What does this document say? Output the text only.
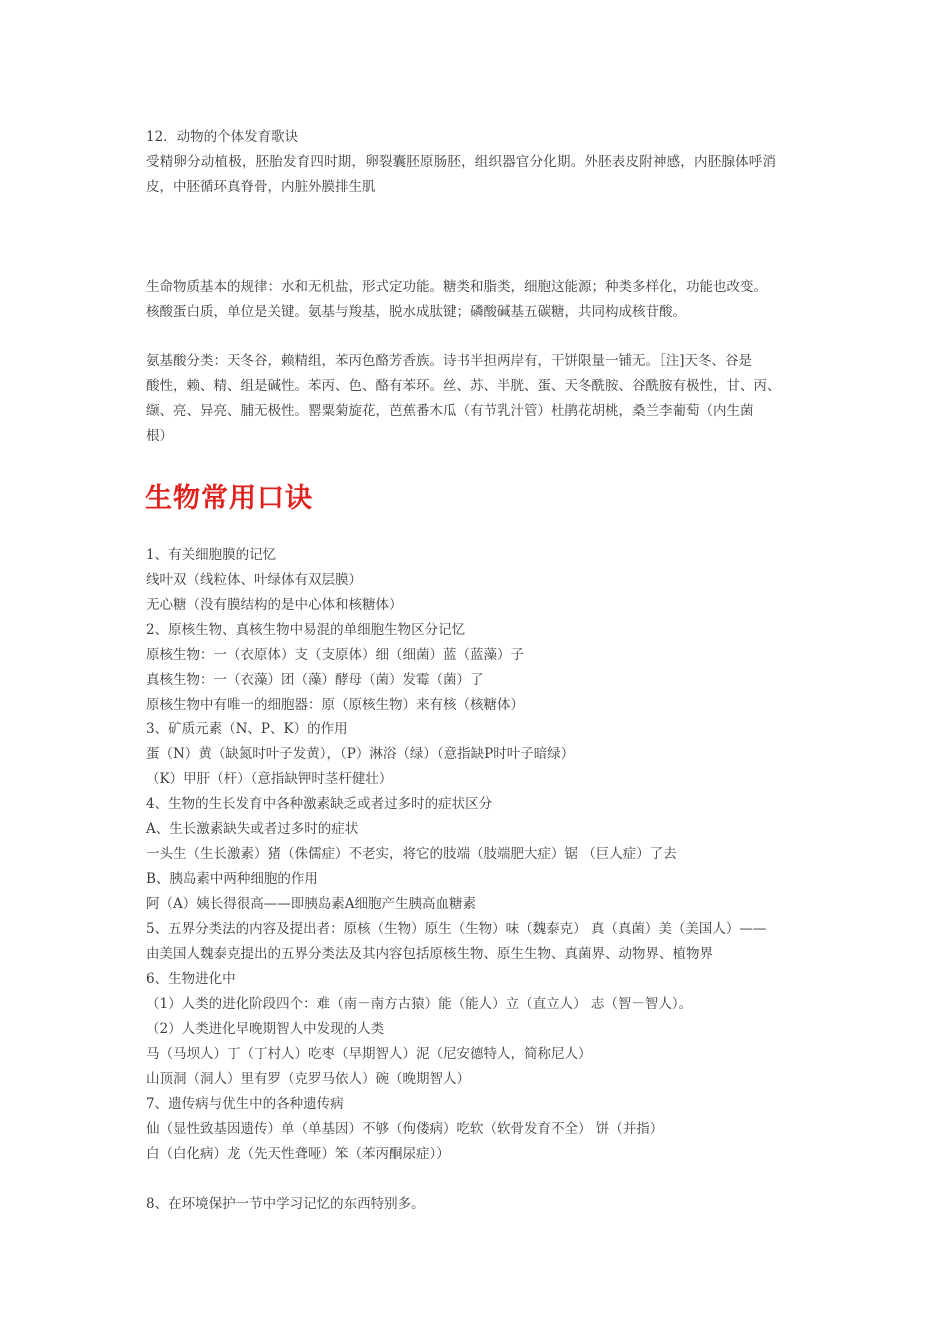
12．动物的个体发育歌诀
受精卵分动植极，胚胎发育四时期，卵裂囊胚原肠胚，组织器官分化期。外胚表皮附神感，内胚腺体呼消
皮，中胚循环真脊骨，内脏外膜排生肌
生命物质基本的规律：水和无机盐，形式定功能。糖类和脂类，细胞这能源；种类多样化，功能也改变。
核酸蛋白质，单位是关键。氨基与羧基，脱水成肽键；磷酸碱基五碳糖，共同构成核苷酸。
氨基酸分类：天冬谷，赖精组，苯丙色酪芳香族。诗书半担两岸有，干饼限量一铺无。［注]天冬、谷是
酸性，赖、精、组是碱性。苯丙、色、酪有苯环。丝、苏、半胱、蛋、天冬酰胺、谷酰胺有极性，甘、丙、
缬、亮、异亮、脯无极性。罂粟菊旋花，芭蕉番木瓜（有节乳汁管）杜鹃花胡桃，桑兰李葡萄（内生菌
根）
生物常用口诀
1、有关细胞膜的记忆
线叶双（线粒体、叶绿体有双层膜）
无心糖（没有膜结构的是中心体和核糖体）
2、原核生物、真核生物中易混的单细胞生物区分记忆
原核生物：一（衣原体）支（支原体）细（细菌）蓝（蓝藻）子
真核生物：一（衣藻）团（藻）酵母（菌）发霉（菌）了
原核生物中有唯一的细胞器：原（原核生物）来有核（核糖体）
3、矿质元素（N、P、K）的作用
蛋（N）黄（缺氮时叶子发黄），（P）淋浴（绿）（意指缺P时叶子暗绿）
（K）甲肝（杆）（意指缺钾时茎杆健壮）
4、生物的生长发育中各种激素缺乏或者过多时的症状区分
A、生长激素缺失或者过多时的症状
一头生（生长激素）猪（侏儒症）不老实，将它的肢端（肢端肥大症）锯 （巨人症）了去
B、胰岛素中两种细胞的作用
阿（A）姨长得很高——即胰岛素A细胞产生胰高血糖素
5、五界分类法的内容及提出者：原核（生物）原生（生物）味（魏泰克） 真（真菌）美（美国人）——
由美国人魏泰克提出的五界分类法及其内容包括原核生物、原生生物、真菌界、动物界、植物界
6、生物进化中
（1）人类的进化阶段四个：难（南－南方古猿）能（能人）立（直立人） 志（智－智人）。
（2）人类进化早晚期智人中发现的人类
马（马坝人）丁（丁村人）吃枣（早期智人）泥（尼安德特人，简称尼人）
山顶洞（洞人）里有罗（克罗马依人）碗（晚期智人）
7、遗传病与优生中的各种遗传病
仙（显性致基因遗传）单（单基因）不够（佝偻病）吃软（软骨发育不全） 饼（并指）
白（白化病）龙（先天性聋哑）笨（苯丙酮尿症））
8、在环境保护一节中学习记忆的东西特别多。
